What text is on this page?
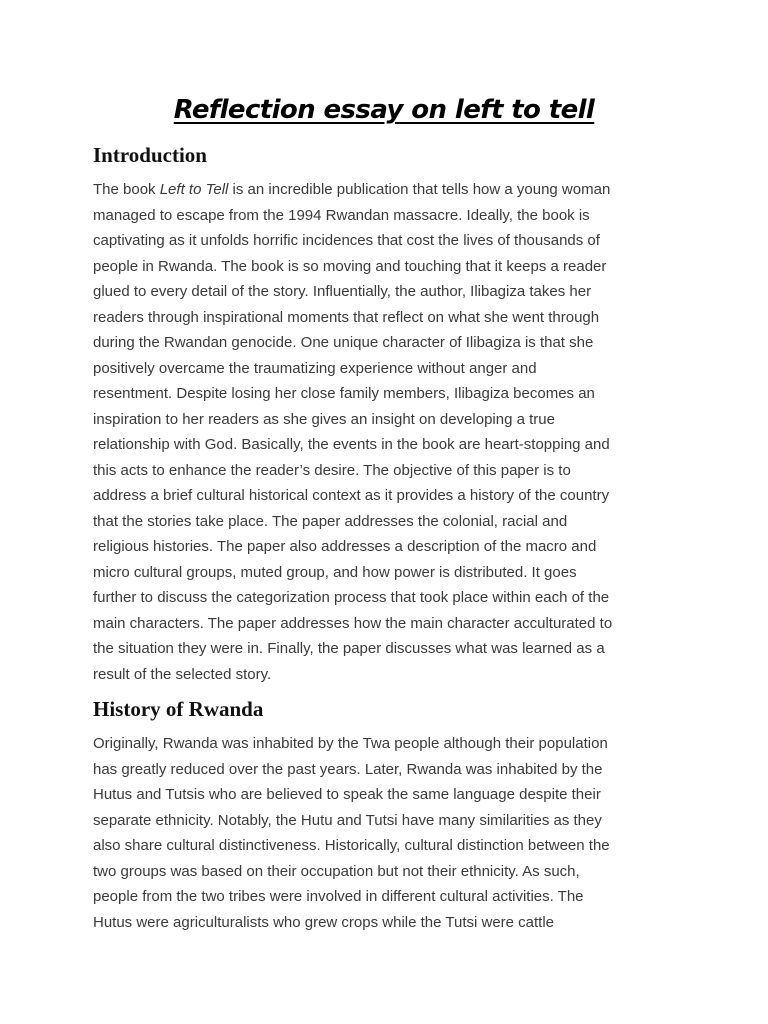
Reflection essay on left to tell
Introduction
The book Left to Tell is an incredible publication that tells how a young woman
managed to escape from the 1994 Rwandan massacre. Ideally, the book is
captivating as it unfolds horrific incidences that cost the lives of thousands of
people in Rwanda. The book is so moving and touching that it keeps a reader
glued to every detail of the story. Influentially, the author, Ilibagiza takes her
readers through inspirational moments that reflect on what she went through
during the Rwandan genocide. One unique character of Ilibagiza is that she
positively overcame the traumatizing experience without anger and
resentment. Despite losing her close family members, Ilibagiza becomes an
inspiration to her readers as she gives an insight on developing a true
relationship with God. Basically, the events in the book are heart-stopping and
this acts to enhance the reader’s desire. The objective of this paper is to
address a brief cultural historical context as it provides a history of the country
that the stories take place. The paper addresses the colonial, racial and
religious histories. The paper also addresses a description of the macro and
micro cultural groups, muted group, and how power is distributed. It goes
further to discuss the categorization process that took place within each of the
main characters. The paper addresses how the main character acculturated to
the situation they were in. Finally, the paper discusses what was learned as a
result of the selected story.
History of Rwanda
Originally, Rwanda was inhabited by the Twa people although their population
has greatly reduced over the past years. Later, Rwanda was inhabited by the
Hutus and Tutsis who are believed to speak the same language despite their
separate ethnicity. Notably, the Hutu and Tutsi have many similarities as they
also share cultural distinctiveness. Historically, cultural distinction between the
two groups was based on their occupation but not their ethnicity. As such,
people from the two tribes were involved in different cultural activities. The
Hutus were agriculturalists who grew crops while the Tutsi were cattle
